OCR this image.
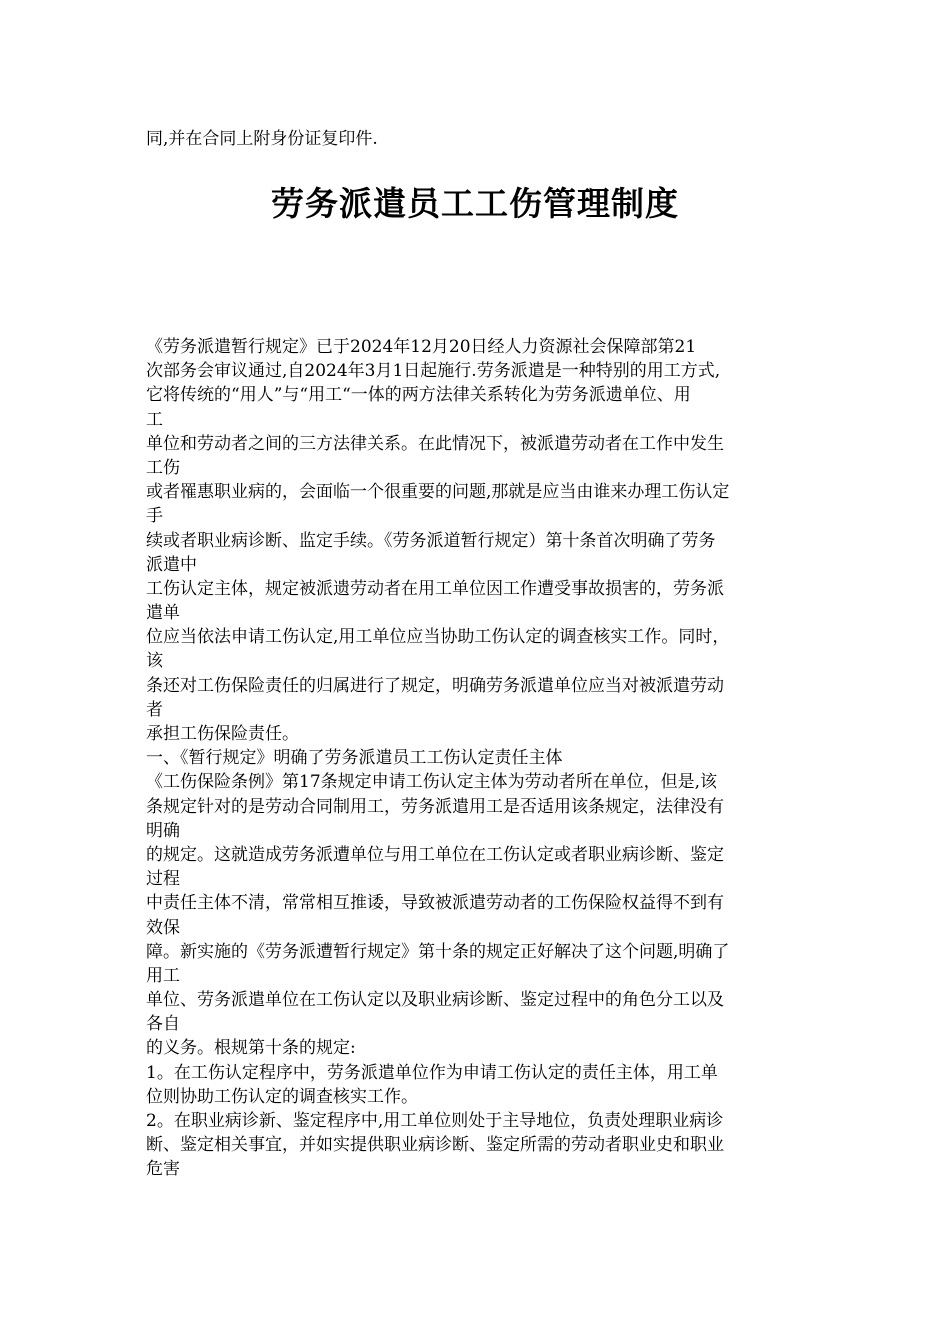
同,并在合同上附身份证复印件.
劳务派遣员工工伤管理制度
《劳务派遣暂行规定》已于2024年12月20日经人力资源社会保障部第21
次部务会审议通过,自2024年3月1日起施行.劳务派遣是一种特别的用工方式,
它将传统的“用人”与“用工“一体的两方法律关系转化为劳务派遗单位、用
工
单位和劳动者之间的三方法律关系。在此情况下，被派遣劳动者在工作中发生
工伤
或者罹惠职业病的，会面临一个很重要的问题,那就是应当由谁来办理工伤认定
手
续或者职业病诊断、监定手续。《劳务派道暂行规定）第十条首次明确了劳务
派遣中
工伤认定主体，规定被派遗劳动者在用工单位因工作遭受事故损害的，劳务派
遣单
位应当依法申请工伤认定,用工单位应当协助工伤认定的调查核实工作。同时，
该
条还对工伤保险责任的归属进行了规定，明确劳务派遣单位应当对被派遣劳动
者
承担工伤保险责任。
一、《暂行规定》明确了劳务派遣员工工伤认定责任主体
《工伤保险条例》第17条规定申请工伤认定主体为劳动者所在单位，但是,该
条规定针对的是劳动合同制用工，劳务派遣用工是否适用该条规定，法律没有
明确
的规定。这就造成劳务派遭单位与用工单位在工伤认定或者职业病诊断、鉴定
过程
中责任主体不清，常常相互推诿，导致被派遣劳动者的工伤保险权益得不到有
效保
障。新实施的《劳务派遭暂行规定》第十条的规定正好解决了这个问题,明确了
用工
单位、劳务派遣单位在工伤认定以及职业病诊断、鉴定过程中的角色分工以及
各自
的义务。根规第十条的规定:
1。在工伤认定程序中，劳务派遣单位作为申请工伤认定的责任主体，用工单
位则协助工伤认定的调查核实工作。
2。在职业病诊新、鉴定程序中,用工单位则处于主导地位，负责处理职业病诊
断、鉴定相关事宜，并如实提供职业病诊断、鉴定所需的劳动者职业史和职业
危害
